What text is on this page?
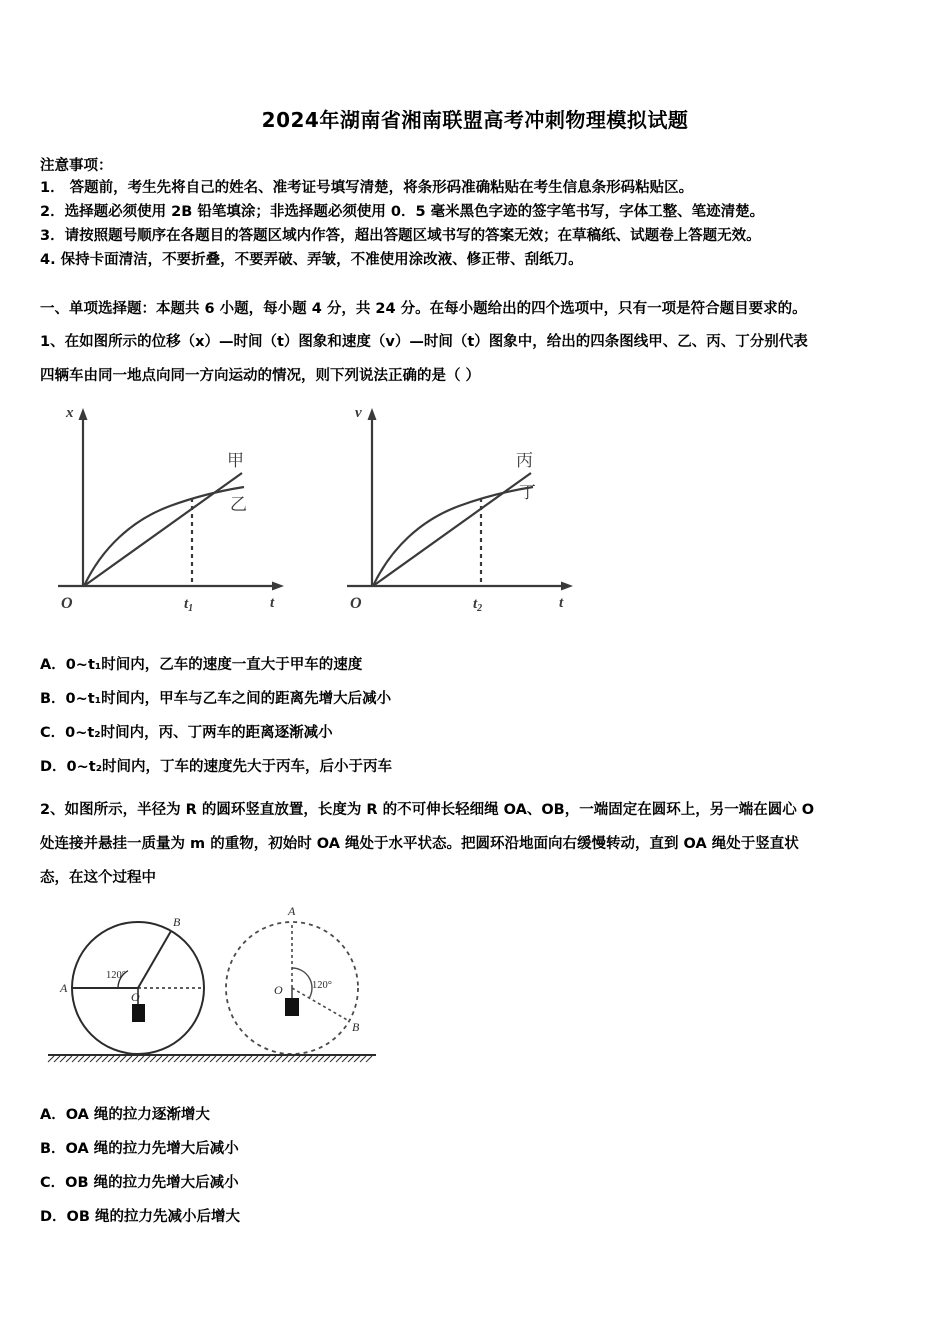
2024年湖南省湘南联盟高考冲刺物理模拟试题
注意事项：
1． 答题前，考生先将自己的姓名、准考证号填写清楚，将条形码准确粘贴在考生信息条形码粘贴区。
2．选择题必须使用 2B 铅笔填涂；非选择题必须使用 0．5 毫米黑色字迹的签字笔书写，字体工整、笔迹清楚。
3．请按照题号顺序在各题目的答题区域内作答，超出答题区域书写的答案无效；在草稿纸、试题卷上答题无效。
4. 保持卡面清洁，不要折叠，不要弄破、弄皱，不准使用涂改液、修正带、刮纸刀。
一、单项选择题：本题共 6 小题，每小题 4 分，共 24 分。在每小题给出的四个选项中，只有一项是符合题目要求的。
1、在如图所示的位移（x）—时间（t）图象和速度（v）—时间（t）图象中，给出的四条图线甲、乙、丙、丁分别代表
四辆车由同一地点向同一方向运动的情况，则下列说法正确的是（ ）
x
O	t
$t_1$
甲
乙
v
O	t
$t_2$
丙
丁
A．0~t₁时间内，乙车的速度一直大于甲车的速度
B．0~t₁时间内，甲车与乙车之间的距离先增大后减小
C．0~t₂时间内，丙、丁两车的距离逐渐减小
D．0~t₂时间内，丁车的速度先大于丙车，后小于丙车
2、如图所示，半径为 R 的圆环竖直放置，长度为 R 的不可伸长轻细绳 OA、OB，一端固定在圆环上，另一端在圆心 O
处连接并悬挂一质量为 m 的重物，初始时 OA 绳处于水平状态。把圆环沿地面向右缓慢转动，直到 OA 绳处于竖直状
态，在这个过程中
A
B
O
120°
A
B
O	120°
A．OA 绳的拉力逐渐增大
B．OA 绳的拉力先增大后减小
C．OB 绳的拉力先增大后减小
D．OB 绳的拉力先减小后增大
